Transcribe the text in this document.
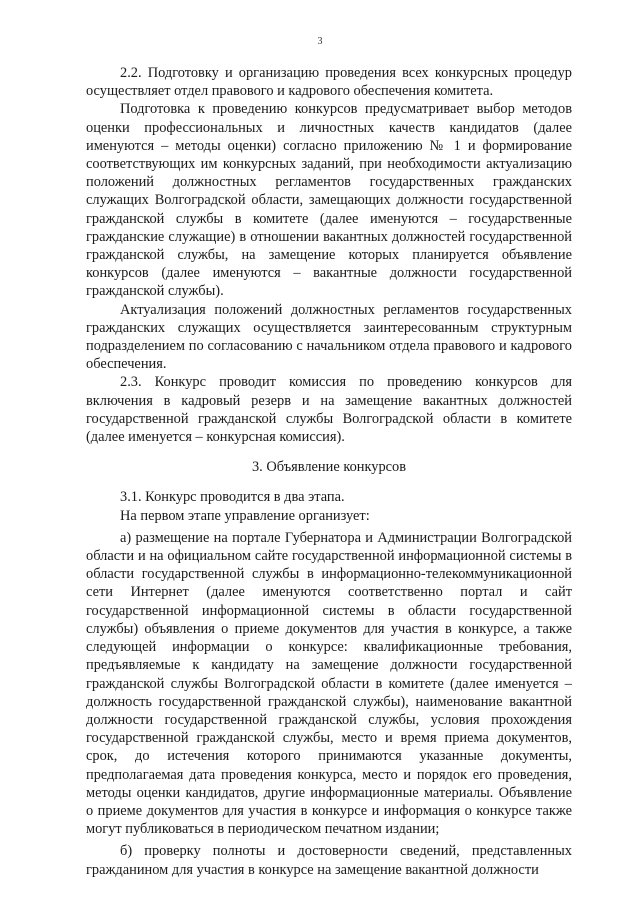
3

2.2. Подготовку и организацию проведения всех конкурсных процедур осуществляет отдел правового и кадрового обеспечения комитета.

Подготовка к проведению конкурсов предусматривает выбор методов оценки профессиональных и личностных качеств кандидатов (далее именуются – методы оценки) согласно приложению № 1 и формирование соответствующих им конкурсных заданий, при необходимости актуализацию положений должностных регламентов государственных гражданских служащих Волгоградской области, замещающих должности государственной гражданской службы в комитете (далее именуются – государственные гражданские служащие) в отношении вакантных должностей государственной гражданской службы, на замещение которых планируется объявление конкурсов (далее именуются – вакантные должности государственной гражданской службы).

Актуализация положений должностных регламентов государственных гражданских служащих осуществляется заинтересованным структурным подразделением по согласованию с начальником отдела правового и кадрового обеспечения.

2.3. Конкурс проводит комиссия по проведению конкурсов для включения в кадровый резерв и на замещение вакантных должностей государственной гражданской службы Волгоградской области в комитете (далее именуется – конкурсная комиссия).

3. Объявление конкурсов

3.1. Конкурс проводится в два этапа.

На первом этапе управление организует:

а) размещение на портале Губернатора и Администрации Волгоградской области и на официальном сайте государственной информационной системы в области государственной службы в информационно-телекоммуникационной сети Интернет (далее именуются соответственно портал и сайт государственной информационной системы в области государственной службы) объявления о приеме документов для участия в конкурсе, а также следующей информации о конкурсе: квалификационные требования, предъявляемые к кандидату на замещение должности государственной гражданской службы Волгоградской области в комитете (далее именуется – должность государственной гражданской службы), наименование вакантной должности государственной гражданской службы, условия прохождения государственной гражданской службы, место и время приема документов, срок, до истечения которого принимаются указанные документы, предполагаемая дата проведения конкурса, место и порядок его проведения, методы оценки кандидатов, другие информационные материалы. Объявление о приеме документов для участия в конкурсе и информация о конкурсе также могут публиковаться в периодическом печатном издании;

б) проверку полноты и достоверности сведений, представленных гражданином для участия в конкурсе на замещение вакантной должности
